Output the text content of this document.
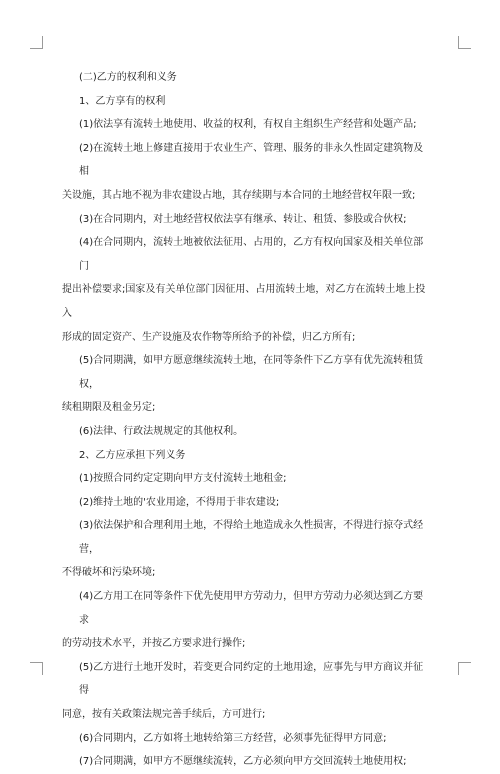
(二)乙方的权利和义务

1、乙方享有的权利

(1)依法享有流转土地使用、收益的权利，有权自主组织生产经营和处题产品;

(2)在流转土地上修建直接用于农业生产、管理、服务的非永久性固定建筑物及相

关设施，其占地不视为非农建设占地，其存续期与本合同的土地经营权年限一致;

(3)在合同期内，对土地经营权依法享有继承、转让、租赁、参股或合伙权;

(4)在合同期内，流转土地被依法征用、占用的，乙方有权向国家及相关单位部门

提出补偿要求;国家及有关单位部门因征用、占用流转土地，对乙方在流转土地上投入

形成的固定资产、生产设施及农作物等所给予的补偿，归乙方所有;

(5)合同期满，如甲方愿意继续流转土地，在同等条件下乙方享有优先流转租赁权，

续租期限及租金另定;

(6)法律、行政法规规定的其他权利。

2、乙方应承担下列义务

(1)按照合同约定定期向甲方支付流转土地租金;

(2)维持土地的'农业用途，不得用于非农建设;

(3)依法保护和合理利用土地，不得给土地造成永久性损害，不得进行掠夺式经营，

不得破坏和污染环境;

(4)乙方用工在同等条件下优先使用甲方劳动力，但甲方劳动力必须达到乙方要求

的劳动技术水平，并按乙方要求进行操作;

(5)乙方进行土地开发时，若变更合同约定的土地用途，应事先与甲方商议并征得

同意，按有关政策法规完善手续后，方可进行;

(6)合同期内，乙方如将土地转给第三方经营，必须事先征得甲方同意;

(7)合同期满，如甲方不愿继续流转，乙方必须向甲方交回流转土地使用权;
